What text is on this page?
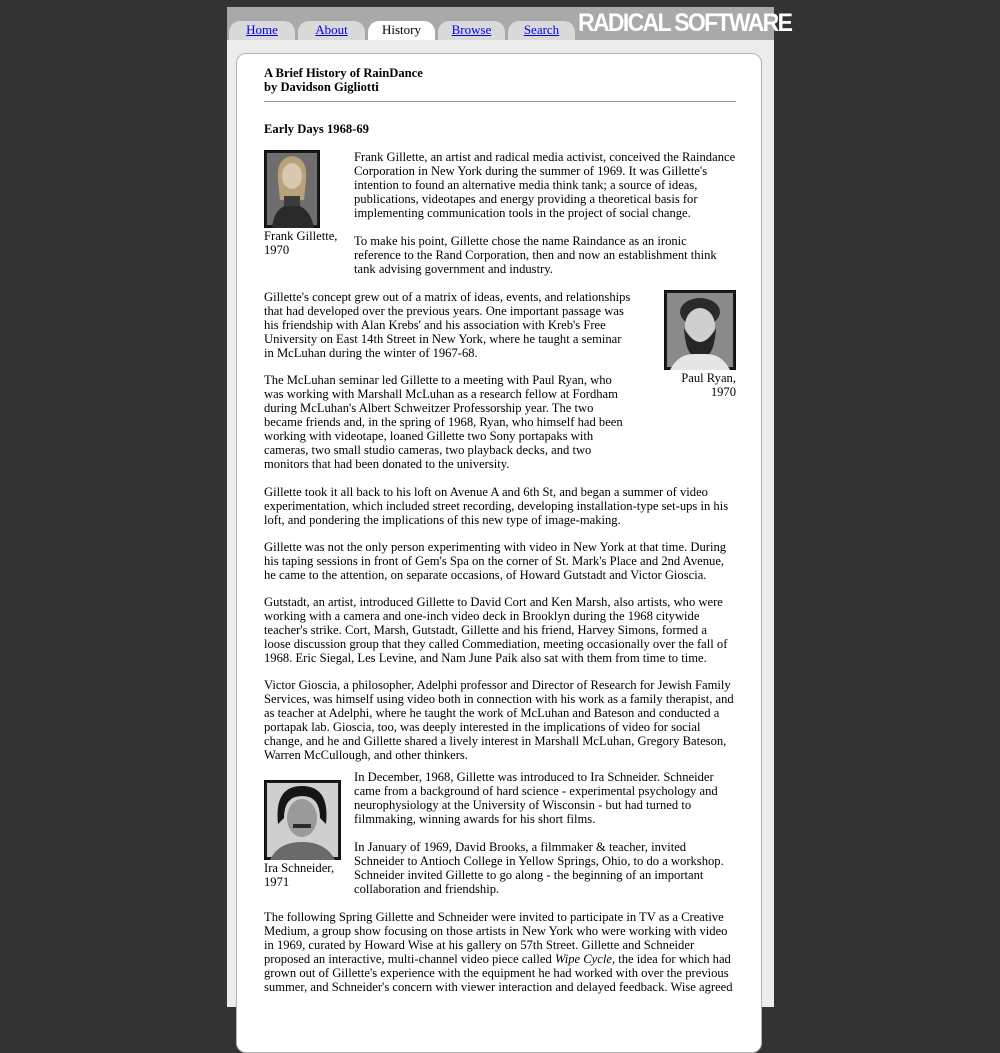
Home	About	History	Browse	Search RADICAL SOFTWARE
A Brief History of RainDance
by Davidson Gigliotti
Early Days 1968-69
Frank Gillette,
1970

Frank Gillette, an artist and radical media activist, conceived the Raindance Corporation in New York during the summer of 1969. It was Gillette's intention to found an alternative media think tank; a source of ideas, publications, videotapes and energy providing a theoretical basis for implementing communication tools in the project of social change.

To make his point, Gillette chose the name Raindance as an ironic reference to the Rand Corporation, then and now an establishment think tank advising government and industry.

Paul Ryan,
1970

Gillette's concept grew out of a matrix of ideas, events, and relationships that had developed over the previous years. One important passage was his friendship with Alan Krebs' and his association with Kreb's Free University on East 14th Street in New York, where he taught a seminar in McLuhan during the winter of 1967-68.

The McLuhan seminar led Gillette to a meeting with Paul Ryan, who was working with Marshall McLuhan as a research fellow at Fordham during McLuhan's Albert Schweitzer Professorship year. The two became friends and, in the spring of 1968, Ryan, who himself had been working with videotape, loaned Gillette two Sony portapaks with cameras, two small studio cameras, two playback decks, and two monitors that had been donated to the university.

Gillette took it all back to his loft on Avenue A and 6th St, and began a summer of video experimentation, which included street recording, developing installation-type set-ups in his loft, and pondering the implications of this new type of image-making.

Gillette was not the only person experimenting with video in New York at that time. During his taping sessions in front of Gem's Spa on the corner of St. Mark's Place and 2nd Avenue, he came to the attention, on separate occasions, of Howard Gutstadt and Victor Gioscia.

Gutstadt, an artist, introduced Gillette to David Cort and Ken Marsh, also artists, who were working with a camera and one-inch video deck in Brooklyn during the 1968 citywide teacher's strike. Cort, Marsh, Gutstadt, Gillette and his friend, Harvey Simons, formed a loose discussion group that they called Commediation, meeting occasionally over the fall of 1968. Eric Siegal, Les Levine, and Nam June Paik also sat with them from time to time.

Victor Gioscia, a philosopher, Adelphi professor and Director of Research for Jewish Family Services, was himself using video both in connection with his work as a family therapist, and as teacher at Adelphi, where he taught the work of McLuhan and Bateson and conducted a portapak lab. Gioscia, too, was deeply interested in the implications of video for social change, and he and Gillette shared a lively interest in Marshall McLuhan, Gregory Bateson, Warren McCullough, and other thinkers.

Ira Schneider,
1971

In December, 1968, Gillette was introduced to Ira Schneider. Schneider came from a background of hard science - experimental psychology and neurophysiology at the University of Wisconsin - but had turned to filmmaking, winning awards for his short films.

In January of 1969, David Brooks, a filmmaker & teacher, invited Schneider to Antioch College in Yellow Springs, Ohio, to do a workshop. Schneider invited Gillette to go along - the beginning of an important collaboration and friendship.

The following Spring Gillette and Schneider were invited to participate in TV as a Creative Medium, a group show focusing on those artists in New York who were working with video in 1969, curated by Howard Wise at his gallery on 57th Street. Gillette and Schneider proposed an interactive, multi-channel video piece called Wipe Cycle, the idea for which had grown out of Gillette's experience with the equipment he had worked with over the previous summer, and Schneider's concern with viewer interaction and delayed feedback. Wise agreed
